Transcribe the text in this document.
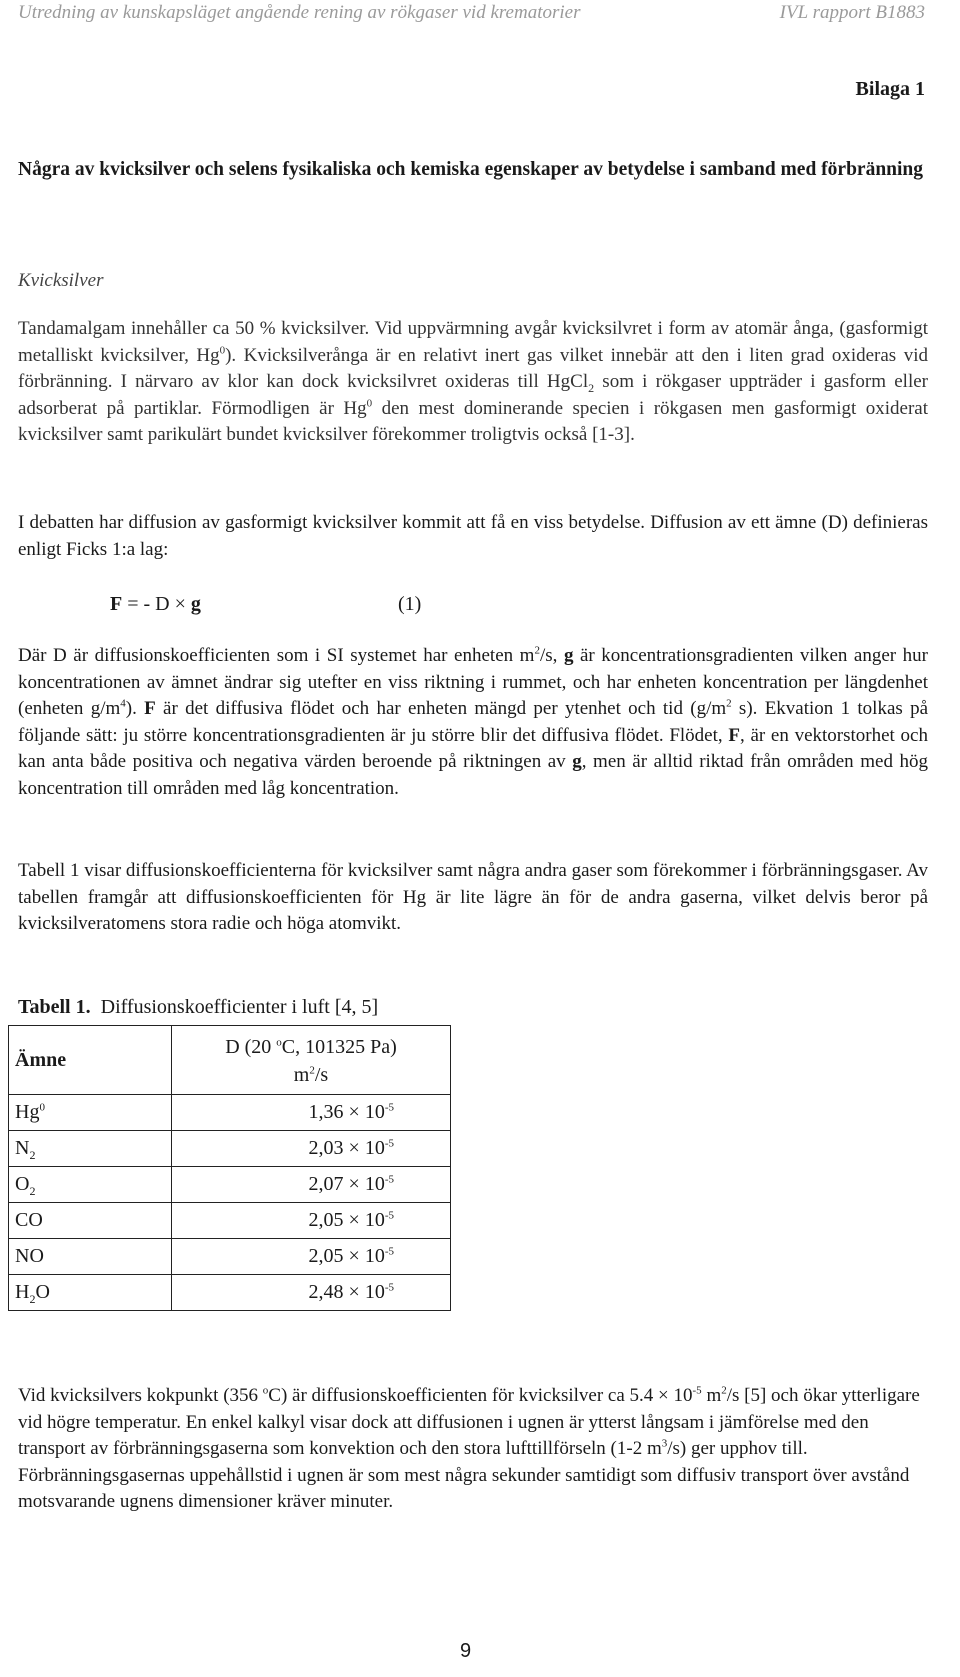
Utredning av kunskapsläget angående rening av rökgaser vid krematorier	IVL rapport B1883
Bilaga 1
Några av kvicksilver och selens fysikaliska och kemiska egenskaper av betydelse i samband med förbränning
Kvicksilver
Tandamalgam innehåller ca 50 % kvicksilver. Vid uppvärmning avgår kvicksilvret i form av atomär ånga, (gasformigt metalliskt kvicksilver, Hg$^0$). Kvicksilverånga är en relativt inert gas vilket innebär att den i liten grad oxideras vid förbränning. I närvaro av klor kan dock kvicksilvret oxideras till HgCl$_2$ som i rökgaser uppträder i gasform eller adsorberat på partiklar. Förmodligen är Hg$^0$ den mest dominerande specien i rökgasen men gasformigt oxiderat kvicksilver samt parikulärt bundet kvicksilver förekommer troligtvis också [1-3].
I debatten har diffusion av gasformigt kvicksilver kommit att få en viss betydelse. Diffusion av ett ämne (D) definieras enligt Ficks 1:a lag:
F = - D × g	(1)
Där D är diffusionskoefficienten som i SI systemet har enheten $m^2/s$, g är koncentrationsgradienten vilken anger hur koncentrationen av ämnet ändrar sig utefter en viss riktning i rummet, och har enheten koncentration per längdenhet (enheten $g/m^4$). F är det diffusiva flödet och har enheten mängd per ytenhet och tid ($g/m^2$ s). Ekvation 1 tolkas på följande sätt: ju större koncentrationsgradienten är ju större blir det diffusiva flödet. Flödet, F, är en vektorstorhet och kan anta både positiva och negativa värden beroende på riktningen av g, men är alltid riktad från områden med hög koncentration till områden med låg koncentration.
Tabell 1 visar diffusionskoefficienterna för kvicksilver samt några andra gaser som förekommer i förbränningsgaser. Av tabellen framgår att diffusionskoefficienten för Hg är lite lägre än för de andra gaserna, vilket delvis beror på kvicksilveratomens stora radie och höga atomvikt.
Tabell 1. Diffusionskoefficienter i luft [4, 5]
Ämne	D (20 $^o$C, 101325 Pa)
$m^2/s$
Hg$^0$	$1,36 \times 10^{-5}$
$N_2$	$2,03 \times 10^{-5}$
$O_2$	$2,07 \times 10^{-5}$
CO	$2,05 \times 10^{-5}$
NO	$2,05 \times 10^{-5}$
$H_2O$	$2,48 \times 10^{-5}$
Vid kvicksilvers kokpunkt (356 $^o$C) är diffusionskoefficienten för kvicksilver ca $5.4 \times 10^{-5}$ $m^2/s$ [5] och ökar ytterligare vid högre temperatur. En enkel kalkyl visar dock att diffusionen i ugnen är ytterst långsam i jämförelse med den transport av förbränningsgaserna som konvektion och den stora lufttillförseln (1-2 $m^3/s$) ger upphov till. Förbränningsgasernas uppehållstid i ugnen är som mest några sekunder samtidigt som diffusiv transport över avstånd motsvarande ugnens dimensioner kräver minuter.
9
